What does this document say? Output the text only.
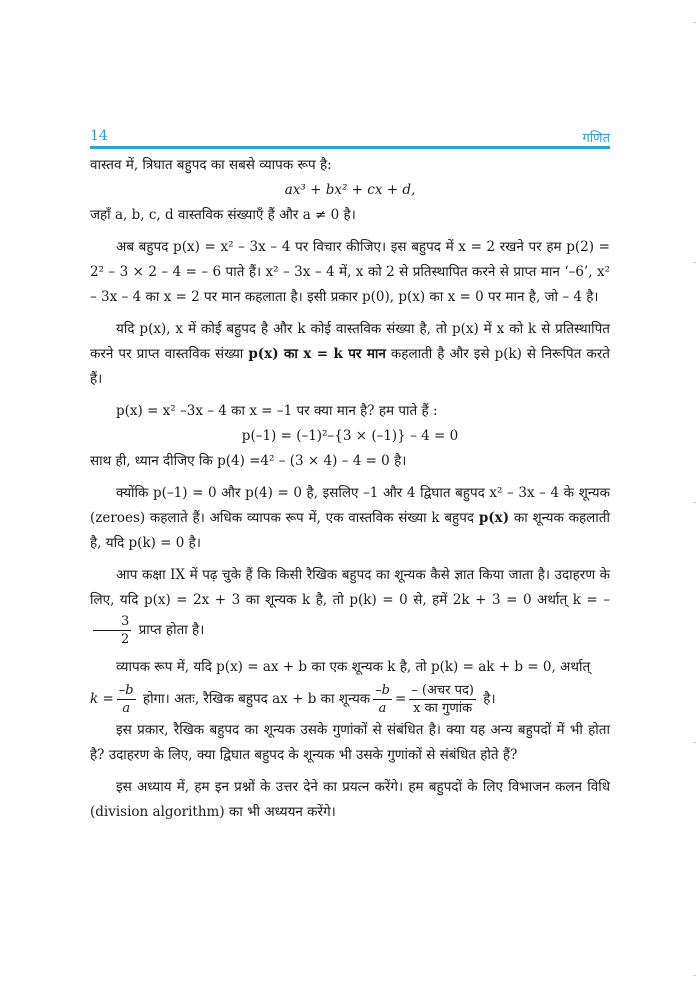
14	गणित

वास्तव में, त्रिघात बहुपद का सबसे व्यापक रूप है:

ax³ + bx² + cx + d,

जहाँ a, b, c, d वास्तविक संख्याएँ हैं और a ≠ 0 है।

अब बहुपद p(x) = x² – 3x – 4 पर विचार कीजिए। इस बहुपद में x = 2 रखने पर हम p(2) = 2² – 3 × 2 – 4 = – 6 पाते हैं। x² – 3x – 4 में, x को 2 से प्रतिस्थापित करने से प्राप्त मान ‘–6’, x² – 3x – 4 का x = 2 पर मान कहलाता है। इसी प्रकार p(0), p(x) का x = 0 पर मान है, जो – 4 है।

यदि p(x), x में कोई बहुपद है और k कोई वास्तविक संख्या है, तो p(x) में x को k से प्रतिस्थापित करने पर प्राप्त वास्तविक संख्या p(x) का x = k पर मान कहलाती है और इसे p(k) से निरूपित करते हैं।

p(x) = x² –3x – 4 का x = –1 पर क्या मान है? हम पाते हैं :

p(–1) = (–1)²–{3 × (–1)} – 4 = 0

साथ ही, ध्यान दीजिए कि p(4) =4² – (3 × 4) – 4 = 0 है।

क्योंकि p(–1) = 0 और p(4) = 0 है, इसलिए –1 और 4 द्विघात बहुपद x² – 3x – 4 के शून्यक (zeroes) कहलाते हैं। अधिक व्यापक रूप में, एक वास्तविक संख्या k बहुपद p(x) का शून्यक कहलाती है, यदि p(k) = 0 है।

आप कक्षा IX में पढ़ चुके हैं कि किसी रैखिक बहुपद का शून्यक कैसे ज्ञात किया जाता है। उदाहरण के लिए, यदि p(x) = 2x + 3 का शून्यक k है, तो p(k) = 0 से, हमें 2k + 3 = 0 अर्थात् k = –
$\frac{3}{2}$ प्राप्त होता है।

व्यापक रूप में, यदि p(x) = ax + b का एक शून्यक k है, तो p(k) = ak + b = 0, अर्थात्

$k = \frac{-b}{a}$ होगा। अतः, रैखिक बहुपद ax + b का शून्यक $\frac{-b}{a} = \frac{\text{– (अचर पद)}}{\text{x का गुणांक}}$ है।

इस प्रकार, रैखिक बहुपद का शून्यक उसके गुणांकों से संबंधित है। क्या यह अन्य बहुपदों में भी होता है? उदाहरण के लिए, क्या द्विघात बहुपद के शून्यक भी उसके गुणांकों से संबंधित होते हैं?

इस अध्याय में, हम इन प्रश्नों के उत्तर देने का प्रयत्न करेंगे। हम बहुपदों के लिए विभाजन कलन विधि (division algorithm) का भी अध्ययन करेंगे।
